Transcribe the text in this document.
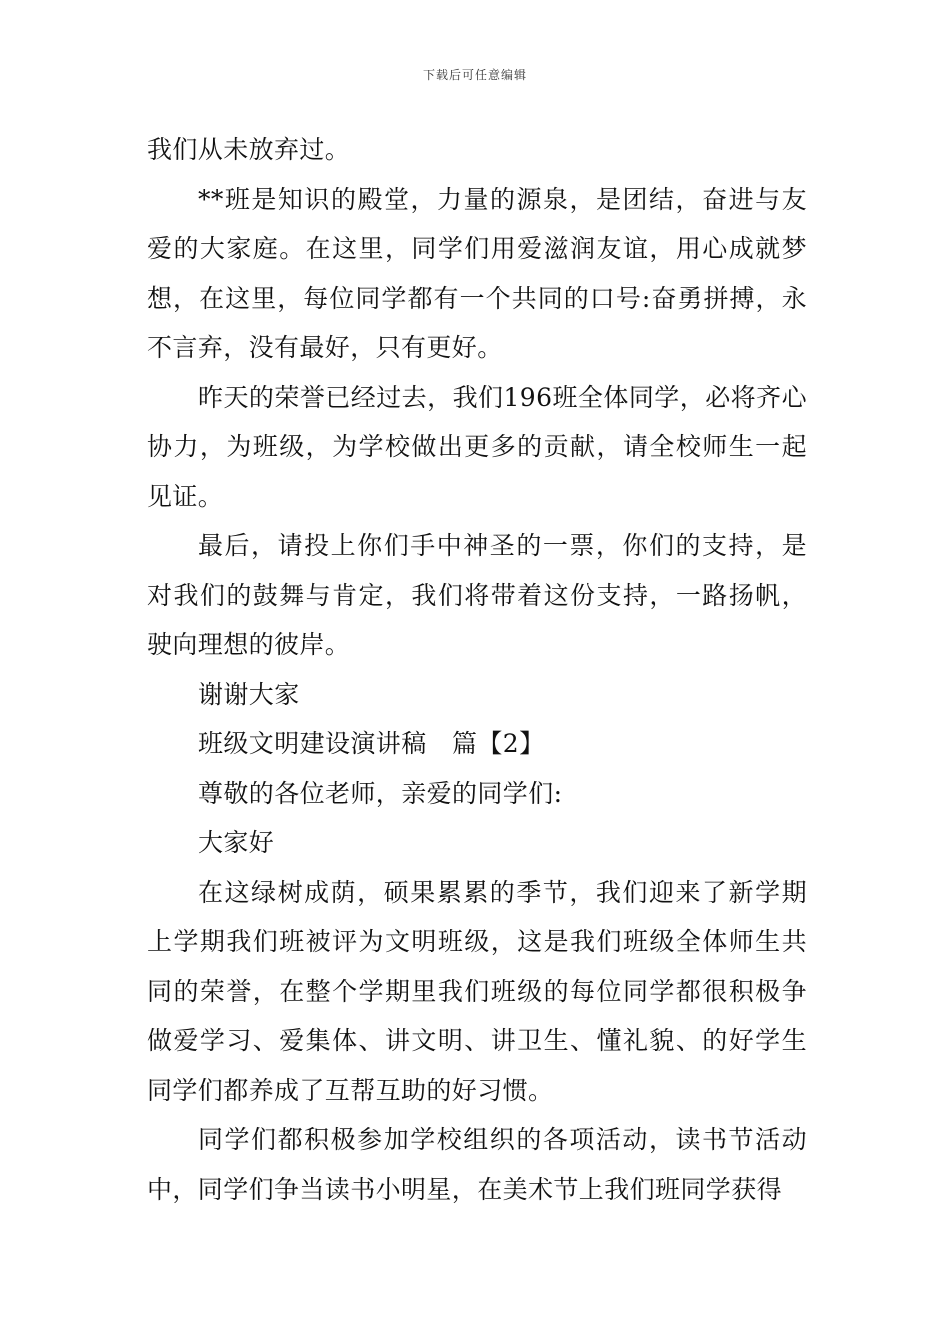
下载后可任意编辑

我们从未放弃过。

**班是知识的殿堂，力量的源泉，是团结，奋进与友爱的大家庭。在这里，同学们用爱滋润友谊，用心成就梦想，在这里，每位同学都有一个共同的口号:奋勇拼搏，永不言弃，没有最好，只有更好。

昨天的荣誉已经过去，我们196班全体同学，必将齐心协力，为班级，为学校做出更多的贡献，请全校师生一起见证。

最后，请投上你们手中神圣的一票，你们的支持，是对我们的鼓舞与肯定，我们将带着这份支持，一路扬帆，驶向理想的彼岸。

谢谢大家

班级文明建设演讲稿　篇【2】

尊敬的各位老师，亲爱的同学们:

大家好

在这绿树成荫，硕果累累的季节，我们迎来了新学期上学期我们班被评为文明班级，这是我们班级全体师生共同的荣誉，在整个学期里我们班级的每位同学都很积极争做爱学习、爱集体、讲文明、讲卫生、懂礼貌、的好学生同学们都养成了互帮互助的好习惯。

同学们都积极参加学校组织的各项活动，读书节活动中，同学们争当读书小明星，在美术节上我们班同学获得
